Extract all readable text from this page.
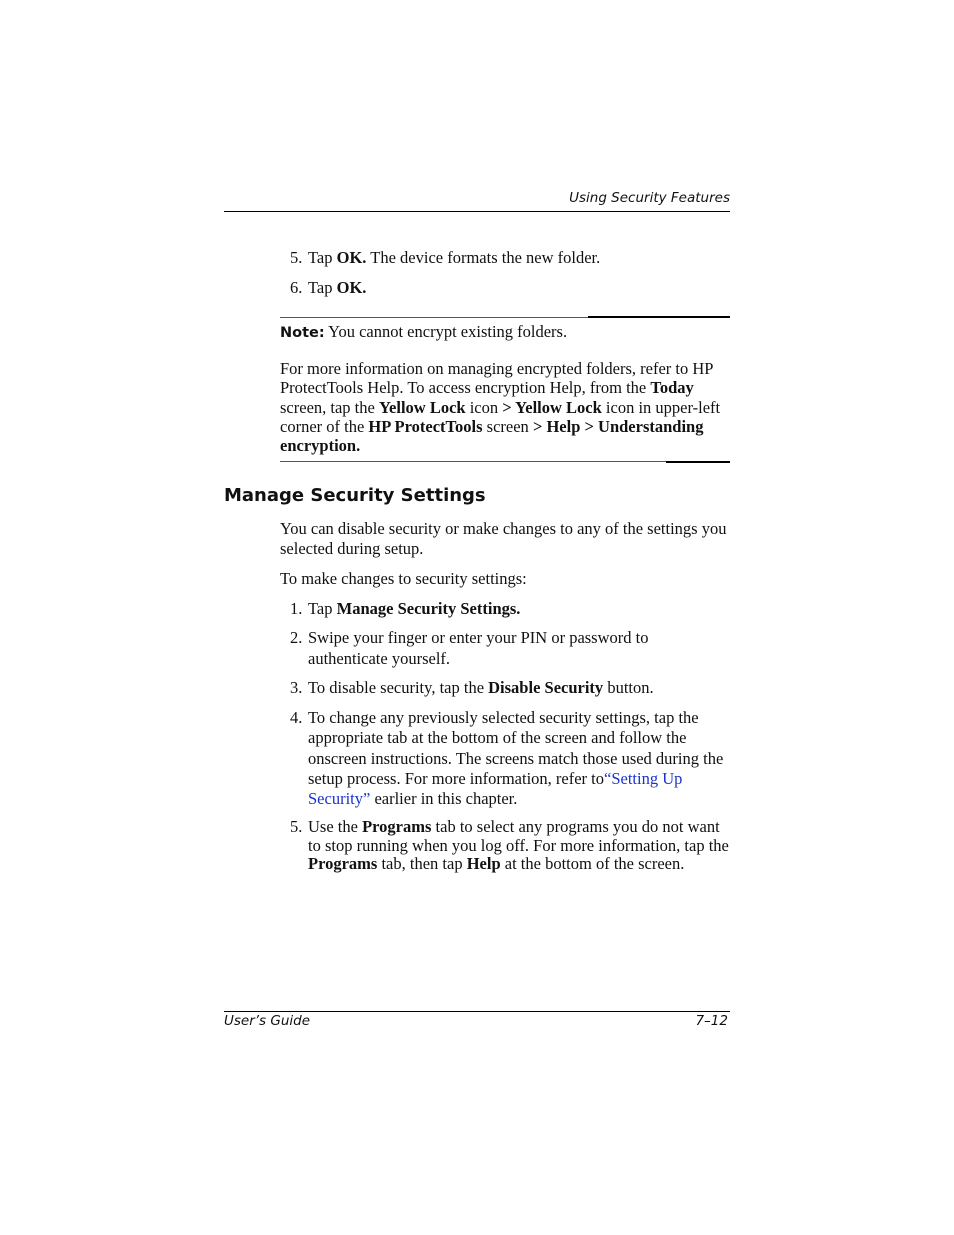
Using Security Features
5. Tap OK. The device formats the new folder.
6. Tap OK.
Note: You cannot encrypt existing folders.
For more information on managing encrypted folders, refer to HP ProtectTools Help. To access encryption Help, from the Today screen, tap the Yellow Lock icon > Yellow Lock icon in upper-left corner of the HP ProtectTools screen > Help > Understanding encryption.
Manage Security Settings
You can disable security or make changes to any of the settings you selected during setup.
To make changes to security settings:
1. Tap Manage Security Settings.
2. Swipe your finger or enter your PIN or password to authenticate yourself.
3. To disable security, tap the Disable Security button.
4. To change any previously selected security settings, tap the appropriate tab at the bottom of the screen and follow the onscreen instructions. The screens match those used during the setup process. For more information, refer to“Setting Up Security” earlier in this chapter.
5. Use the Programs tab to select any programs you do not want to stop running when you log off. For more information, tap the Programs tab, then tap Help at the bottom of the screen.
User’s Guide	7–12
